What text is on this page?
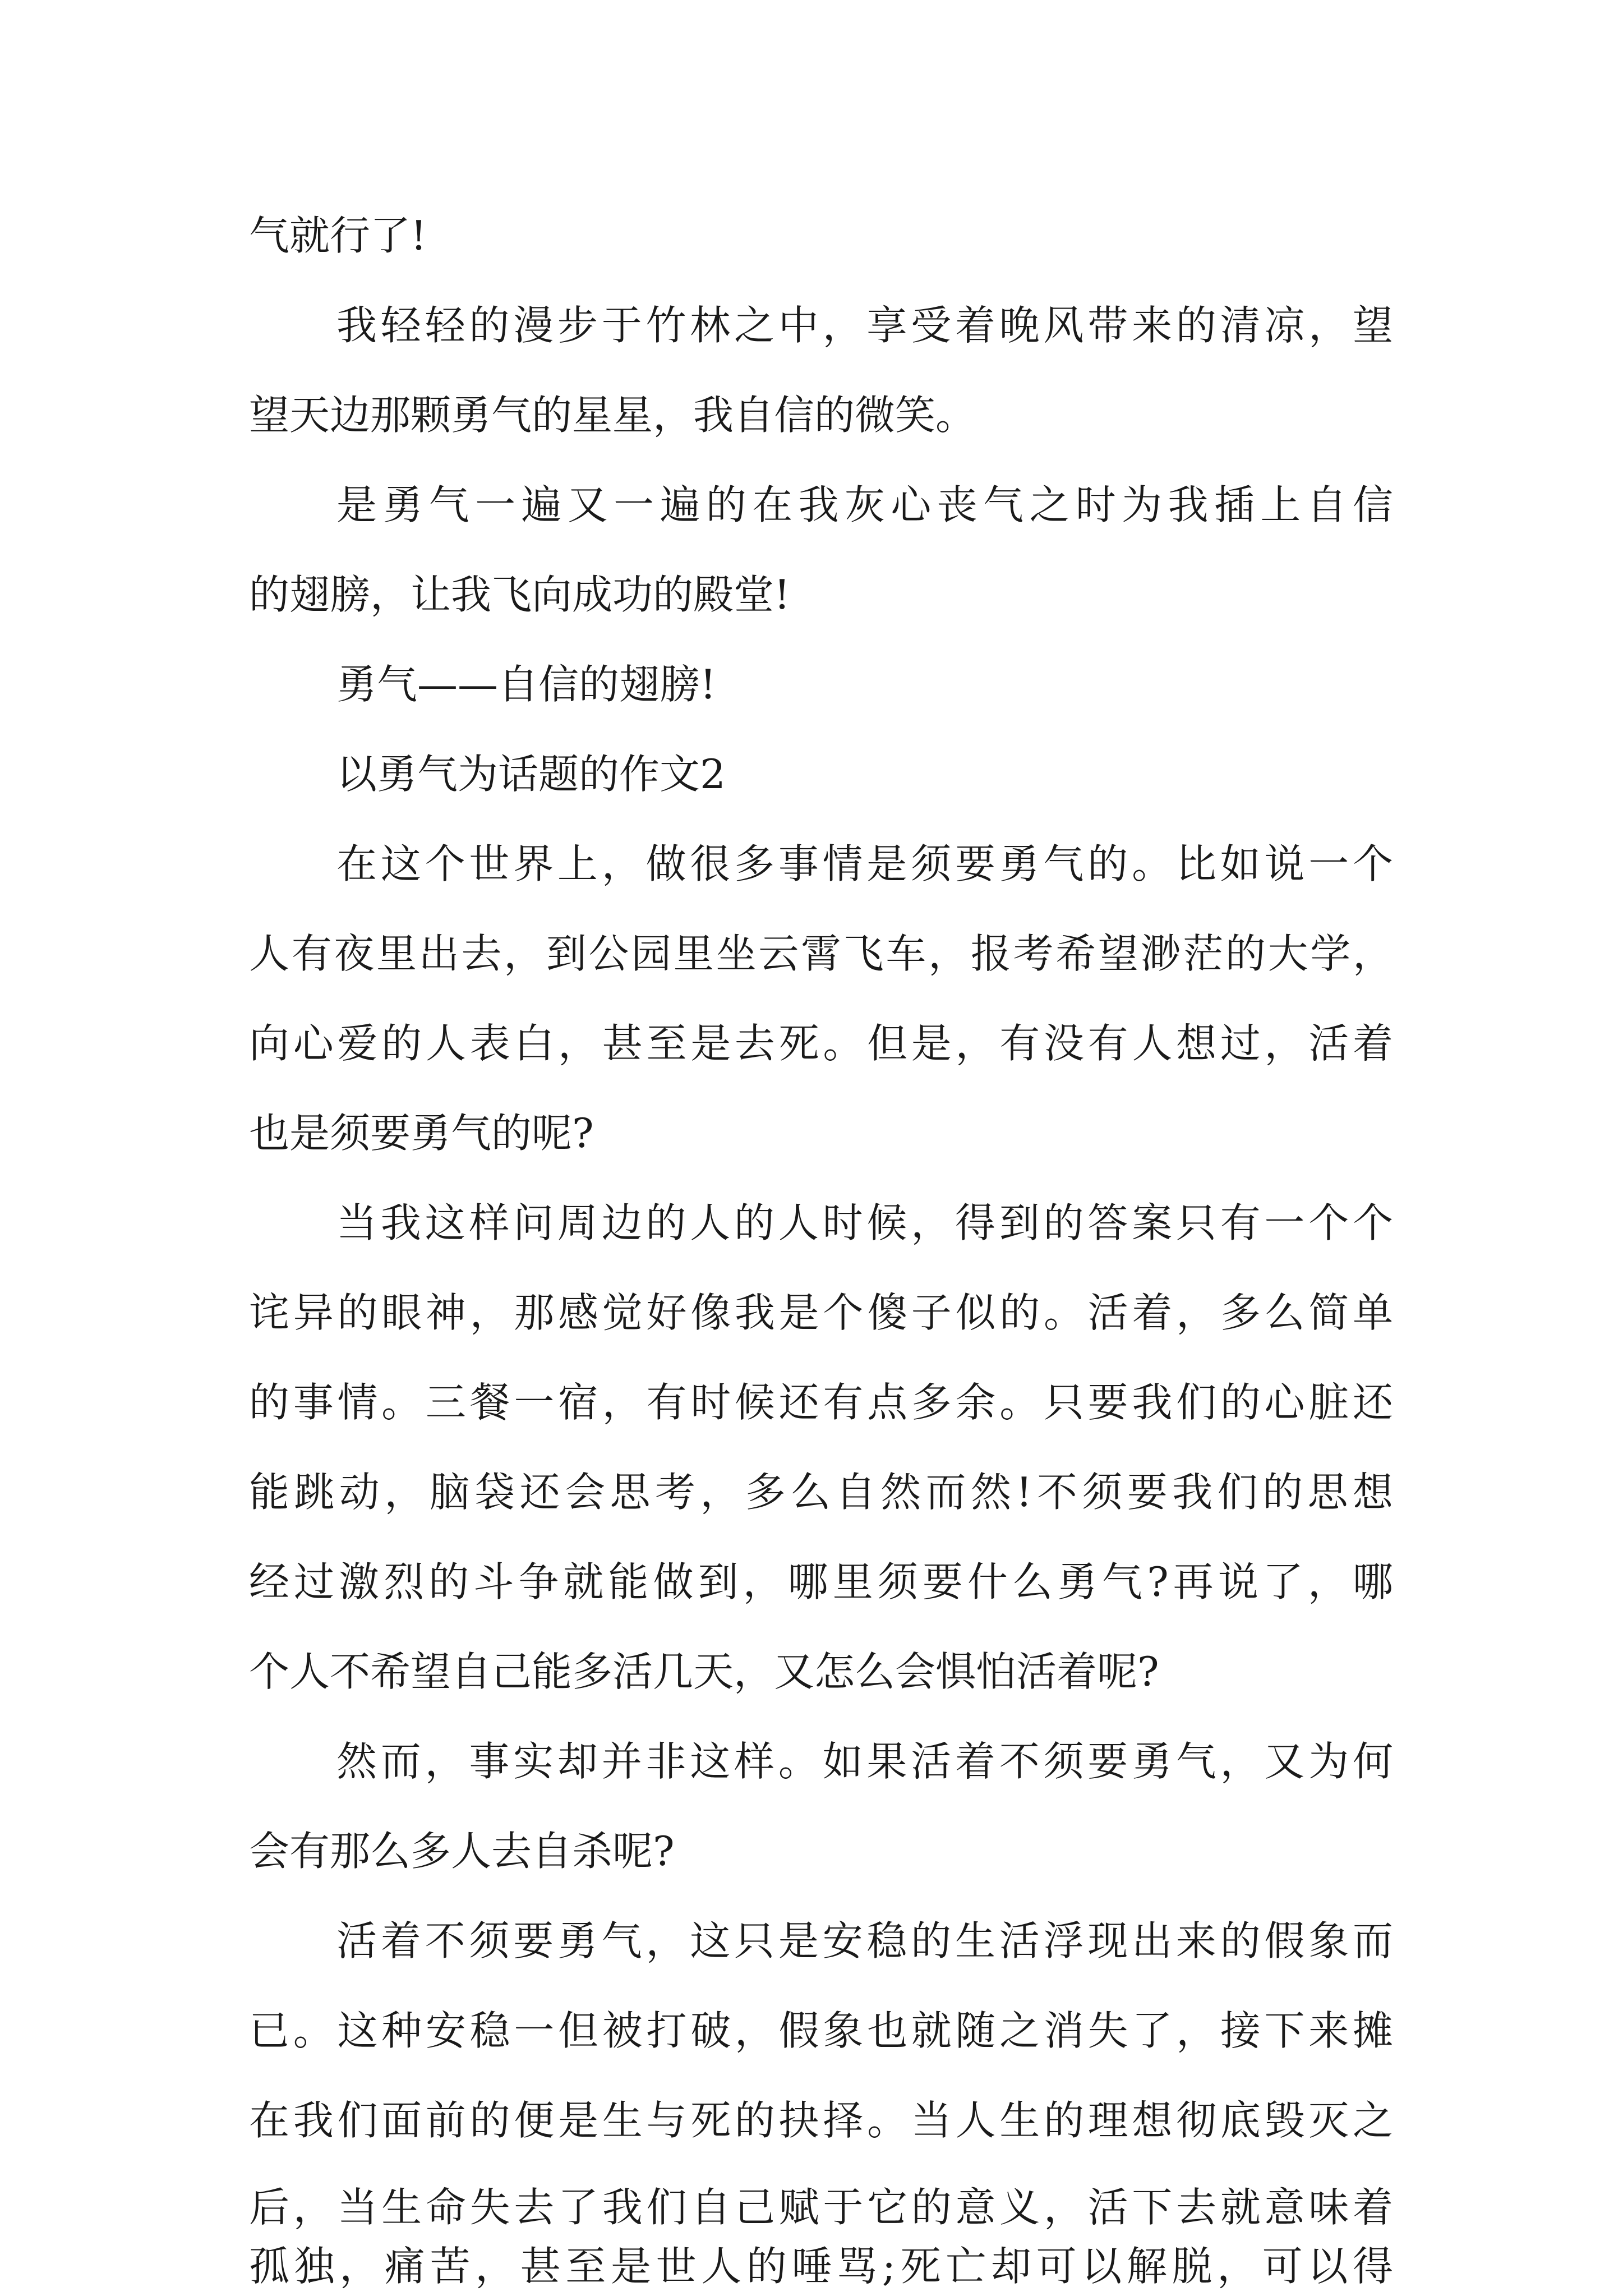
气就行了!
我轻轻的漫步于竹林之中，享受着晚风带来的清凉，望
望天边那颗勇气的星星，我自信的微笑。
是勇气一遍又一遍的在我灰心丧气之时为我插上自信
的翅膀，让我飞向成功的殿堂!
勇气——自信的翅膀!
以勇气为话题的作文2
在这个世界上，做很多事情是须要勇气的。比如说一个
人有夜里出去，到公园里坐云霄飞车，报考希望渺茫的大学，
向心爱的人表白，甚至是去死。但是，有没有人想过，活着
也是须要勇气的呢?
当我这样问周边的人的人时候，得到的答案只有一个个
诧异的眼神，那感觉好像我是个傻子似的。活着，多么简单
的事情。三餐一宿，有时候还有点多余。只要我们的心脏还
能跳动，脑袋还会思考，多么自然而然!不须要我们的思想
经过激烈的斗争就能做到，哪里须要什么勇气?再说了，哪
个人不希望自己能多活几天，又怎么会惧怕活着呢?
然而，事实却并非这样。如果活着不须要勇气，又为何
会有那么多人去自杀呢?
活着不须要勇气，这只是安稳的生活浮现出来的假象而
已。这种安稳一但被打破，假象也就随之消失了，接下来摊
在我们面前的便是生与死的抉择。当人生的理想彻底毁灭之
后，当生命失去了我们自己赋于它的意义，活下去就意味着
孤独，痛苦，甚至是世人的唾骂;死亡却可以解脱，可以得
